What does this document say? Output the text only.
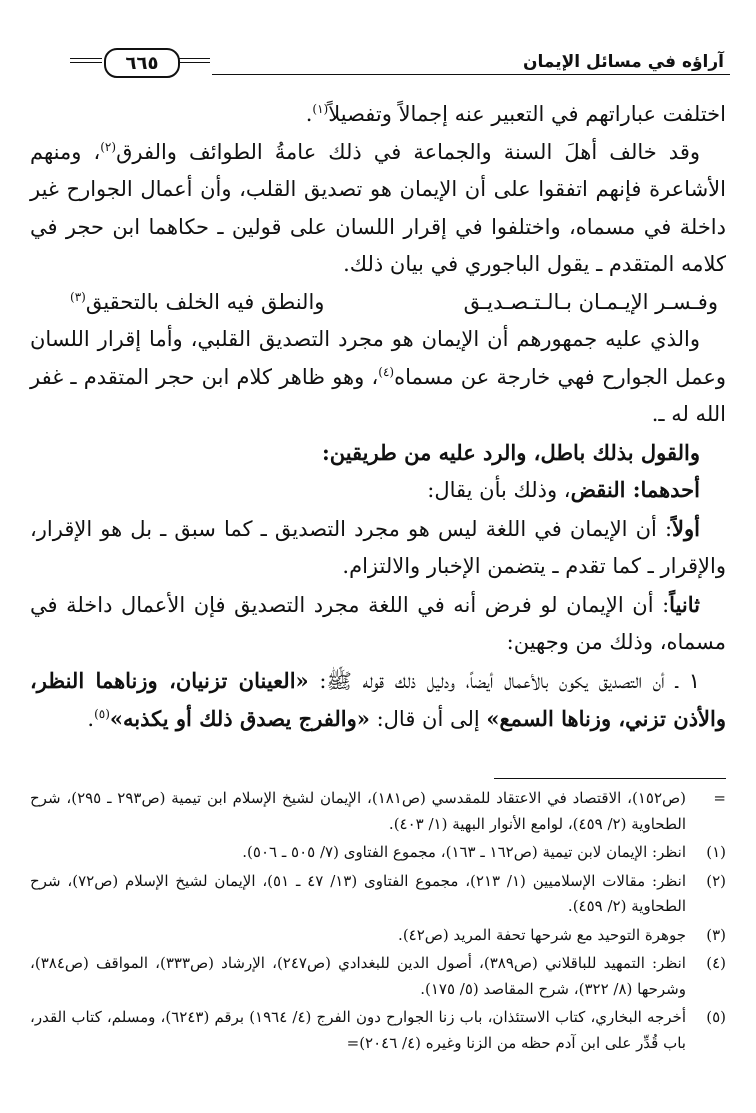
آراؤه في مسائل الإيمان
٦٦٥

اختلفت عباراتهم في التعبير عنه إجمالاً وتفصيلاً$^{(١)}$.

وقد خالف أهلَ السنة والجماعة في ذلك عامةُ الطوائف والفرق$^{(٢)}$، ومنهم الأشاعرة فإنهم اتفقوا على أن الإيمان هو تصديق القلب، وأن أعمال الجوارح غير داخلة في مسماه، واختلفوا في إقرار اللسان على قولين ـ حكاهما ابن حجر في كلامه المتقدم ـ يقول الباجوري في بيان ذلك.

وفـسـر الإيـمـان بـالـتـصـديـق
والنطق فيه الخلف بالتحقيق$^{(٣)}$

والذي عليه جمهورهم أن الإيمان هو مجرد التصديق القلبي، وأما إقرار اللسان وعمل الجوارح فهي خارجة عن مسماه$^{(٤)}$، وهو ظاهر كلام ابن حجر المتقدم ـ غفر الله له ـ.

والقول بذلك باطل، والرد عليه من طريقين:

أحدهما: النقض، وذلك بأن يقال:

أولاً: أن الإيمان في اللغة ليس هو مجرد التصديق ـ كما سبق ـ بل هو الإقرار، والإقرار ـ كما تقدم ـ يتضمن الإخبار والالتزام.

ثانياً: أن الإيمان لو فرض أنه في اللغة مجرد التصديق فإن الأعمال داخلة في مسماه، وذلك من وجهين:

١ ـ أن التصديق يكون بالأعمال أيضاً، ودليل ذلك قوله ﷺ: «العينان تزنيان، وزناهما النظر، والأذن تزني، وزناها السمع» إلى أن قال: «والفرج يصدق ذلك أو يكذبه»$^{(٥)}$.

=
(ص١٥٢)، الاقتصاد في الاعتقاد للمقدسي (ص١٨١)، الإيمان لشيخ الإسلام ابن تيمية (ص٢٩٣ ـ ٢٩٥)، شرح الطحاوية (٢/ ٤٥٩)، لوامع الأنوار البهية (١/ ٤٠٣).
(١)
انظر: الإيمان لابن تيمية (ص١٦٢ ـ ١٦٣)، مجموع الفتاوى (٧/ ٥٠٥ ـ ٥٠٦).
(٢)
انظر: مقالات الإسلاميين (١/ ٢١٣)، مجموع الفتاوى (١٣/ ٤٧ ـ ٥١)، الإيمان لشيخ الإسلام (ص٧٢)، شرح الطحاوية (٢/ ٤٥٩).
(٣)
جوهرة التوحيد مع شرحها تحفة المريد (ص٤٢).
(٤)
انظر: التمهيد للباقلاني (ص٣٨٩)، أصول الدين للبغدادي (ص٢٤٧)، الإرشاد (ص٣٣٣)، المواقف (ص٣٨٤)، وشرحها (٨/ ٣٢٢)، شرح المقاصد (٥/ ١٧٥).
(٥)
أخرجه البخاري، كتاب الاستئذان، باب زنا الجوارح دون الفرج (٤/ ١٩٦٤) برقم (٦٢٤٣)، ومسلم، كتاب القدر، باب قُدِّر على ابن آدم حظه من الزنا وغيره (٤/ ٢٠٤٦)=
